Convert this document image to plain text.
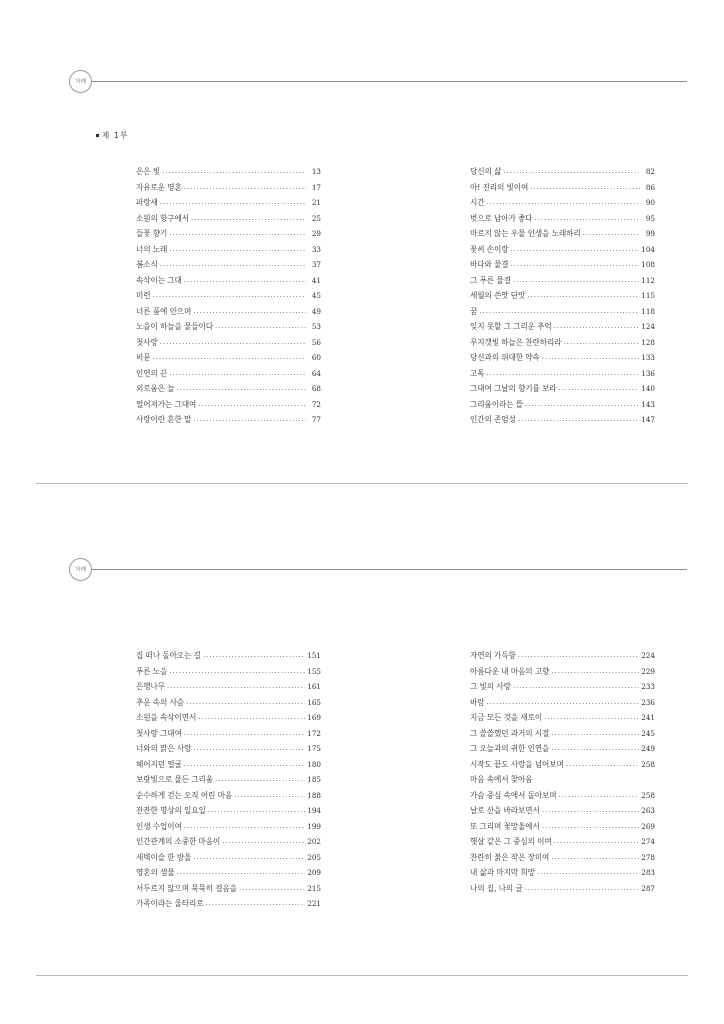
차례
제 1부
은은 빛 .....	13
자유로운 영혼 .....	17
파랑새 .....	21
소원의 항구에서 .....	25
들꽃 향기 .....	29
너의 노래 .....	33
봄소식 .....	37
속삭이는 그대 .....	41
미련 .....	45
너른 품에 안으며 .....	49
노을이 하늘을 물들이다 .....	53
첫사랑 .....	56
비문 .....	60
인연의 끈 .....	64
외로움은 늘 .....	68
멀어져가는 그대여 .....	72
사랑이란 흔한 말 .....	77
당신의 삶 .....	82
아! 진리의 빛이여 .....	86
시간 .....	90
벗으로 남아가 좋다 .....	95
마르지 않는 우물 인생을 노래하리 .....	99
꽃씨 손이랑 .....	104
바다와 물결 .....	108
그 푸른 물결 .....	112
세월의 쓴맛 단맛 .....	115
꿈 .....	118
잊지 못할 그 그리운 추억 .....	124
무지갯빛 하늘은 찬란하리라 .....	128
당신과의 위대한 약속 .....	133
고독 .....	136
그대여 그날의 향기를 보라 .....	140
그리움이라는 뜰 .....	143
인간의 존엄성 .....	147
차례
집 떠나 돌아오는 길 .....	151
푸른 노을 .....	155
은행나무 .....	161
추운 속의 사슴 .....	165
소원을 속삭이면서 .....	169
첫사랑 그대여 .....	172
너와의 맑은 사랑 .....	175
헤어지던 얼굴 .....	180
보랏빛으로 물든 그리움 .....	185
순수하게 걷는 오직 어린 마음 .....	188
잔잔한 명상의 일요일 .....	194
인생 수업이여 .....	199
인간관계의 소중한 마음이 .....	202
새벽이슬 한 방울 .....	205
영혼의 샘물 .....	209
서두르지 않으며 묵묵히 걸음을 .....	215
가족이라는 울타리로 .....	221
자연의 가득함 .....	224
아름다운 내 마음의 고향 .....	229
그 빛의 사랑 .....	233
바람 .....	236
지금 모든 것을 새로이 .....	241
그 쓸쓸했던 과거의 시절 .....	245
그 오늘과의 귀한 인연을 .....	249
시작도 끝도 사랑을 넘어보며 .....	258
마음 속에서 찾아옴
가슴 중심 속에서 돌아보며 .....	258
날로 산을 바라보면서 .....	263
또 그리며 꽃망울에서 .....	269
햇살 같은 그 중심의 이여 .....	274
찬란히 붉은 작은 장미여 .....	278
내 삶과 마지막 희망 .....	283
나의 집, 나의 글 .....	287
